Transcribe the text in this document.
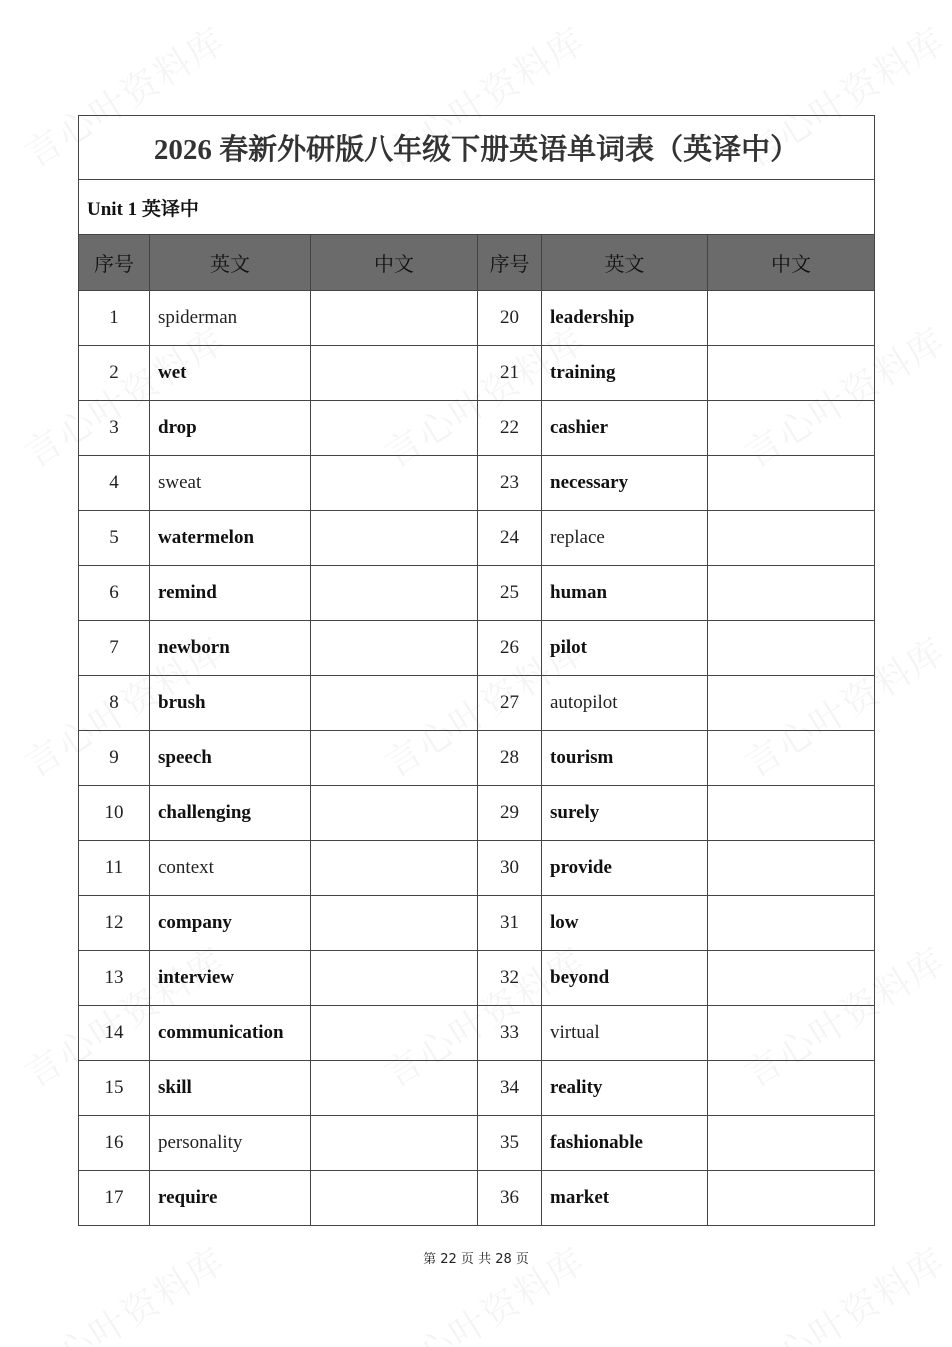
2026 春新外研版八年级下册英语单词表（英译中）					
Unit 1 英译中					
序号	英文	中文	序号	英文	中文
1	spiderman		20	leadership	
2	wet		21	training	
3	drop		22	cashier	
4	sweat		23	necessary	
5	watermelon		24	replace	
6	remind		25	human	
7	newborn		26	pilot	
8	brush		27	autopilot	
9	speech		28	tourism	
10	challenging		29	surely	
11	context		30	provide	
12	company		31	low	
13	interview		32	beyond	
14	communication		33	virtual	
15	skill		34	reality	
16	personality		35	fashionable	
17	require		36	market	
第 22 页 共 28 页
